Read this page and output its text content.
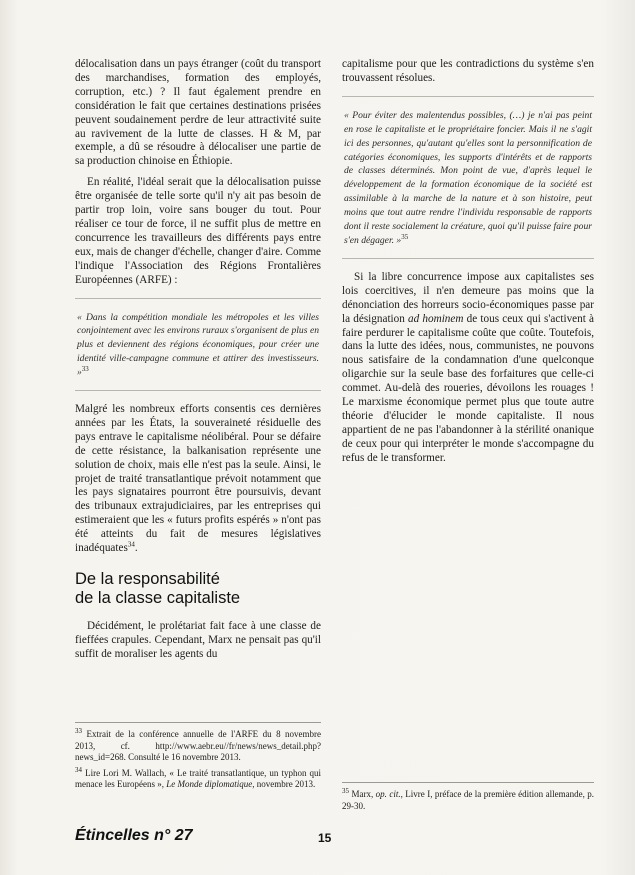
délocalisation dans un pays étranger (coût du transport des marchandises, formation des employés, corruption, etc.) ? Il faut également prendre en considération le fait que certaines destinations prisées peuvent soudainement perdre de leur attractivité suite au ravivement de la lutte de classes. H & M, par exemple, a dû se résoudre à délocaliser une partie de sa production chinoise en Éthiopie.

En réalité, l'idéal serait que la délocalisation puisse être organisée de telle sorte qu'il n'y ait pas besoin de partir trop loin, voire sans bouger du tout. Pour réaliser ce tour de force, il ne suffit plus de mettre en concurrence les travailleurs des différents pays entre eux, mais de changer d'échelle, changer d'aire. Comme l'indique l'Association des Régions Frontalières Européennes (ARFE) :

« Dans la compétition mondiale les métropoles et les villes conjointement avec les environs ruraux s'organisent de plus en plus et deviennent des régions économiques, pour créer une identité ville-campagne commune et attirer des investisseurs. »$^{33}$

Malgré les nombreux efforts consentis ces dernières années par les États, la souveraineté résiduelle des pays entrave le capitalisme néolibéral. Pour se défaire de cette résistance, la balkanisation représente une solution de choix, mais elle n'est pas la seule. Ainsi, le projet de traité transatlantique prévoit notamment que les pays signataires pourront être poursuivis, devant des tribunaux extrajudiciaires, par les entreprises qui estimeraient que les « futurs profits espérés » n'ont pas été atteints du fait de mesures législatives inadéquates$^{34}$.

De la responsabilité
de la classe capitaliste

Décidément, le prolétariat fait face à une classe de fieffées crapules. Cependant, Marx ne pensait pas qu'il suffit de moraliser les agents du

capitalisme pour que les contradictions du système s'en trouvassent résolues.

« Pour éviter des malentendus possibles, (…) je n'ai pas peint en rose le capitaliste et le propriétaire foncier. Mais il ne s'agit ici des personnes, qu'autant qu'elles sont la personnification de catégories économiques, les supports d'intérêts et de rapports de classes déterminés. Mon point de vue, d'après lequel le développement de la formation économique de la société est assimilable à la marche de la nature et à son histoire, peut moins que tout autre rendre l'individu responsable de rapports dont il reste socialement la créature, quoi qu'il puisse faire pour s'en dégager. »$^{35}$

Si la libre concurrence impose aux capitalistes ses lois coercitives, il n'en demeure pas moins que la dénonciation des horreurs socio-économiques passe par la désignation ad hominem de tous ceux qui s'activent à faire perdurer le capitalisme coûte que coûte. Toutefois, dans la lutte des idées, nous, communistes, ne pouvons nous satisfaire de la condamnation d'une quelconque oligarchie sur la seule base des forfaitures que celle-ci commet. Au-delà des roueries, dévoilons les rouages ! Le marxisme économique permet plus que toute autre théorie d'élucider le monde capitaliste. Il nous appartient de ne pas l'abandonner à la stérilité onanique de ceux pour qui interpréter le monde s'accompagne du refus de le transformer.

$^{33}$ Extrait de la conférence annuelle de l'ARFE du 8 novembre 2013, cf. http://www.aebr.eu//fr/news/news_detail.php?news_id=268. Consulté le 16 novembre 2013.

$^{34}$ Lire Lori M. Wallach, « Le traité transatlantique, un typhon qui menace les Européens », Le Monde diplomatique, novembre 2013.

$^{35}$ Marx, op. cit., Livre I, préface de la première édition allemande, p. 29-30.

Étincelles n° 27	15
